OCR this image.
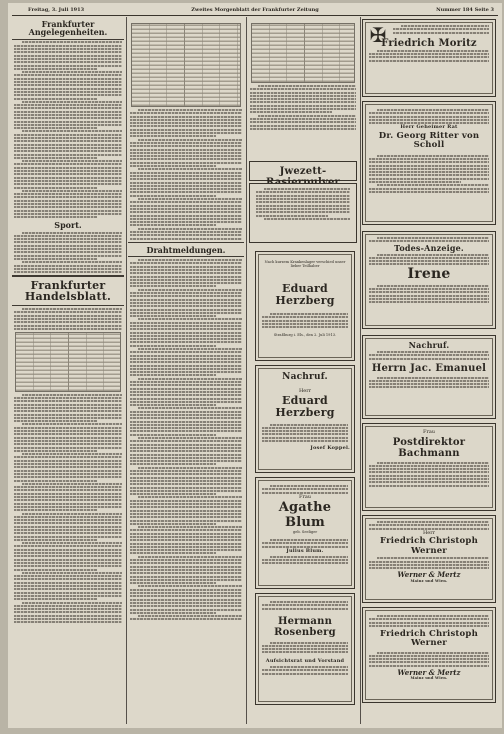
Freitag, 3. Juli 1913	Zweites Morgenblatt der Frankfurter Zeitung	Nummer 184 Seite 3
Frankfurter Angelegenheiten.
Sport.
Frankfurter Handelsblatt.
Drahtmeldungen.

Jwezett-

Nach kurzem Krankenlager verschied unser lieber Teilhaber

Eduard Herzberg

Straßburg i. Els., den 2. Juli 1913.

Nachruf.

Herr

Eduard Herzberg

Josef Koppel.

Frau

Agathe Blum

geb. Seeliger

Julius Blum.

Hermann Rosenberg

Aufsichtsrat und Vorstand

✠

Friedrich Moritz

Herr Geheimer Rat

Dr. Georg Ritter von Scholl

Todes-Anzeige.

Irene

Nachruf.

Herrn Jac. Emanuel

Frau

Postdirektor Bachmann

Herr

Friedrich Christoph Werner

Werner & Mertz

Mainz und Wien.

Friedrich Christoph Werner

Werner & Mertz

Mainz und Wien.
